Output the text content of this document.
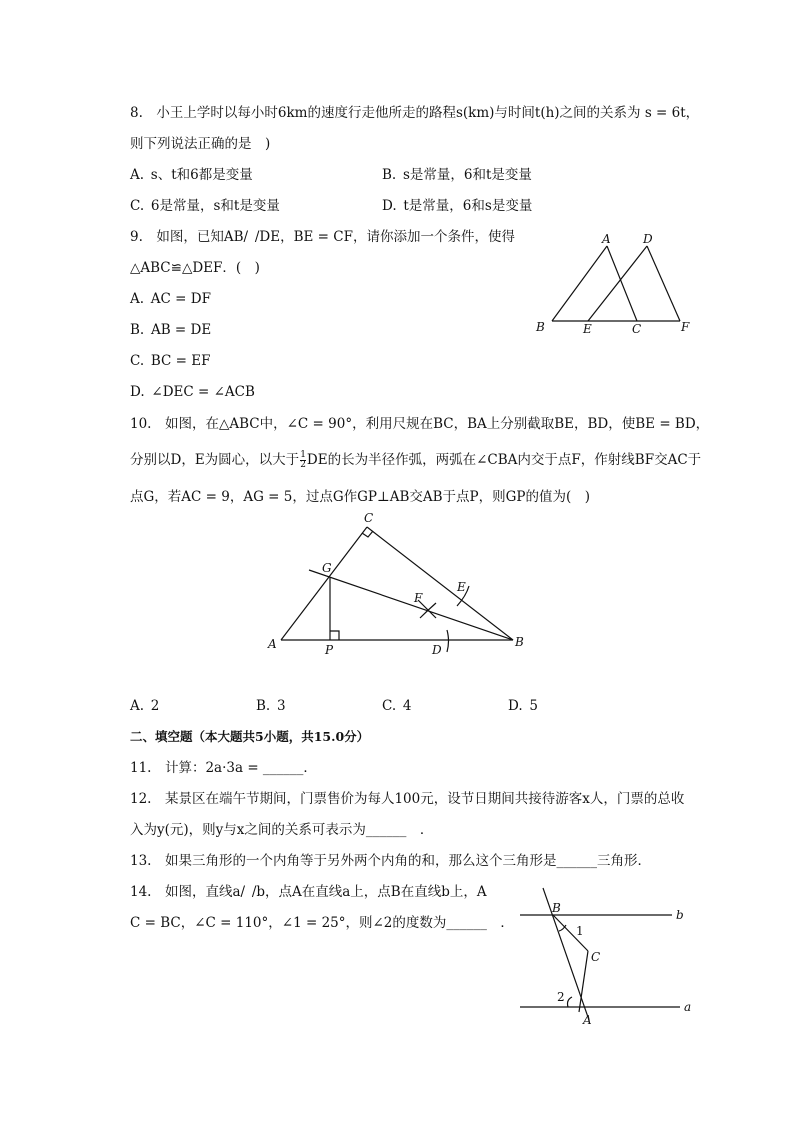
8.　小王上学时以每小时6km的速度行走他所走的路程s(km)与时间t(h)之间的关系为 s = 6t，
则下列说法正确的是　)
A. s、t和6都是变量	B. s是常量，6和t是变量
C. 6是常量，s和t是变量	D. t是常量，6和s是变量
9.　如图，已知AB/ /DE，BE = CF，请你添加一个条件，使得
△ABC≌△DEF．(　)
A. AC = DF
B. AB = DE
C. BC = EF
D. ∠DEC = ∠ACB
A	D
B	E	C	F
10.　如图，在△ABC中，∠C = 90°，利用尺规在BC，BA上分别截取BE，BD，使BE = BD，
分别以D，E为圆心，以大于 $\frac{1}{2}$ DE的长为半径作弧，两弧在∠CBA内交于点F，作射线BF交AC于
点G，若AC = 9，AG = 5，过点G作GP⊥AB交AB于点P，则GP的值为(　)
C
G
E
F
A	P	D
B
A. 2	B. 3	C. 4	D. 5
二、填空题（本大题共5小题，共15.0分）
11.　计算：2a·3a = ______．
12.　某景区在端午节期间，门票售价为每人100元，设节日期间共接待游客x人，门票的总收
入为y(元)，则y与x之间的关系可表示为______　．
13.　如果三角形的一个内角等于另外两个内角的和，那么这个三角形是______三角形．
14.　如图，直线a/ /b，点A在直线a上，点B在直线b上，A
C = BC，∠C = 110°，∠1 = 25°，则∠2的度数为______　．
B	b
1
C
2
a
A
